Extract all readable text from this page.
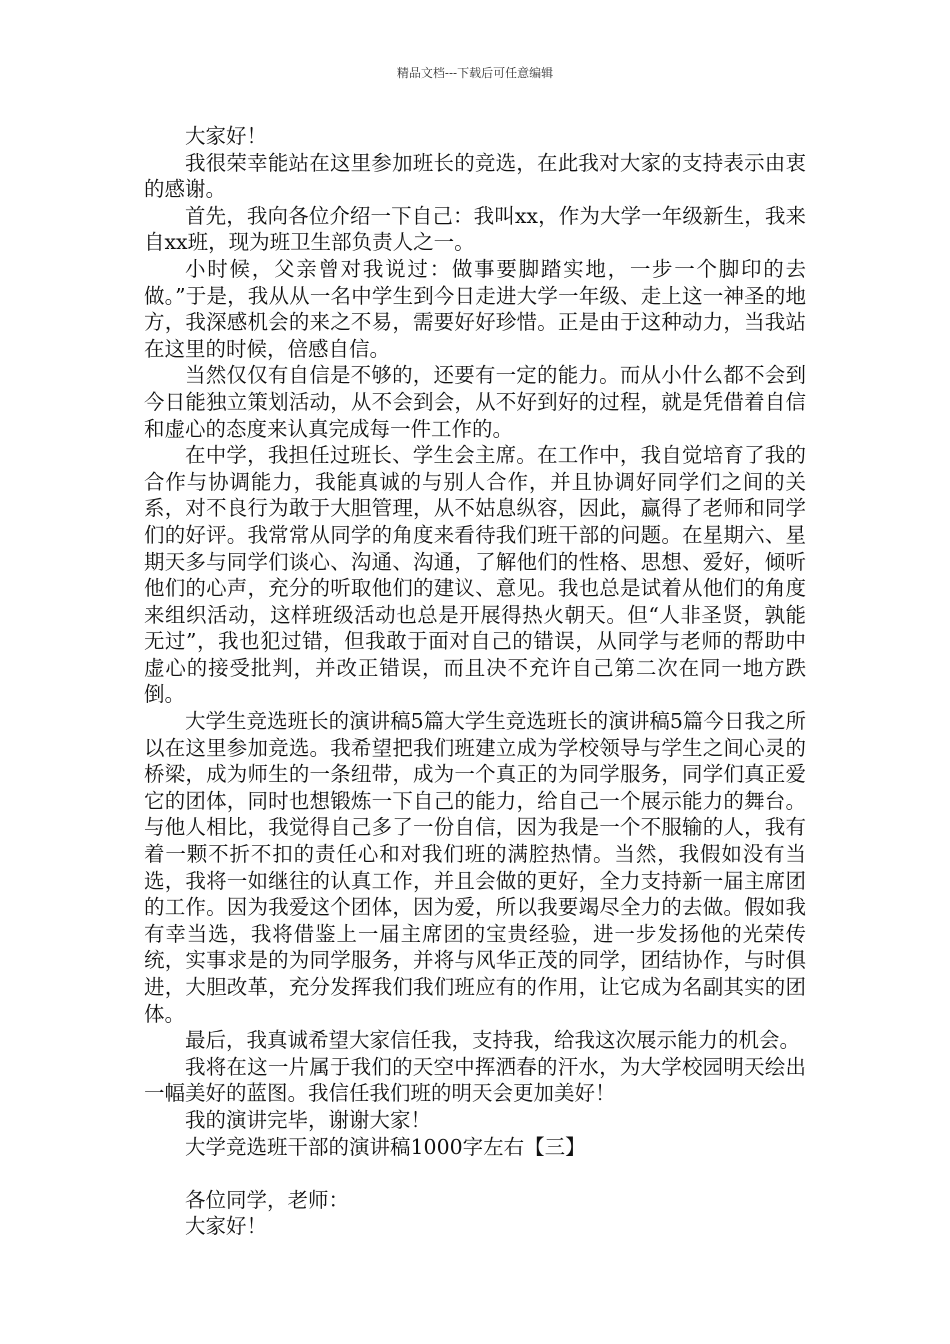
精品文档---下载后可任意编辑

大家好！

我很荣幸能站在这里参加班长的竞选，在此我对大家的支持表示由衷的感谢。

首先，我向各位介绍一下自己：我叫xx，作为大学一年级新生，我来自xx班，现为班卫生部负责人之一。

小时候，父亲曾对我说过：做事要脚踏实地，一步一个脚印的去做。”于是，我从从一名中学生到今日走进大学一年级、走上这一神圣的地方，我深感机会的来之不易，需要好好珍惜。正是由于这种动力，当我站在这里的时候，倍感自信。

当然仅仅有自信是不够的，还要有一定的能力。而从小什么都不会到今日能独立策划活动，从不会到会，从不好到好的过程，就是凭借着自信和虚心的态度来认真完成每一件工作的。

在中学，我担任过班长、学生会主席。在工作中，我自觉培育了我的合作与协调能力，我能真诚的与别人合作，并且协调好同学们之间的关系，对不良行为敢于大胆管理，从不姑息纵容，因此，赢得了老师和同学们的好评。我常常从同学的角度来看待我们班干部的问题。在星期六、星期天多与同学们谈心、沟通、沟通，了解他们的性格、思想、爱好，倾听他们的心声，充分的听取他们的建议、意见。我也总是试着从他们的角度来组织活动，这样班级活动也总是开展得热火朝天。但“人非圣贤，孰能无过”，我也犯过错，但我敢于面对自己的错误，从同学与老师的帮助中虚心的接受批判，并改正错误，而且决不充许自己第二次在同一地方跌倒。

大学生竞选班长的演讲稿5篇大学生竞选班长的演讲稿5篇今日我之所以在这里参加竞选。我希望把我们班建立成为学校领导与学生之间心灵的桥梁，成为师生的一条纽带，成为一个真正的为同学服务，同学们真正爱它的团体，同时也想锻炼一下自己的能力，给自己一个展示能力的舞台。与他人相比，我觉得自己多了一份自信，因为我是一个不服输的人，我有着一颗不折不扣的责任心和对我们班的满腔热情。当然，我假如没有当选，我将一如继往的认真工作，并且会做的更好，全力支持新一届主席团的工作。因为我爱这个团体，因为爱，所以我要竭尽全力的去做。假如我有幸当选，我将借鉴上一届主席团的宝贵经验，进一步发扬他的光荣传统，实事求是的为同学服务，并将与风华正茂的同学，团结协作，与时俱进，大胆改革，充分发挥我们我们班应有的作用，让它成为名副其实的团体。

最后，我真诚希望大家信任我，支持我，给我这次展示能力的机会。

我将在这一片属于我们的天空中挥洒春的汗水，为大学校园明天绘出一幅美好的蓝图。我信任我们班的明天会更加美好！

我的演讲完毕，谢谢大家！

大学竞选班干部的演讲稿1000字左右【三】

各位同学，老师：

大家好！
